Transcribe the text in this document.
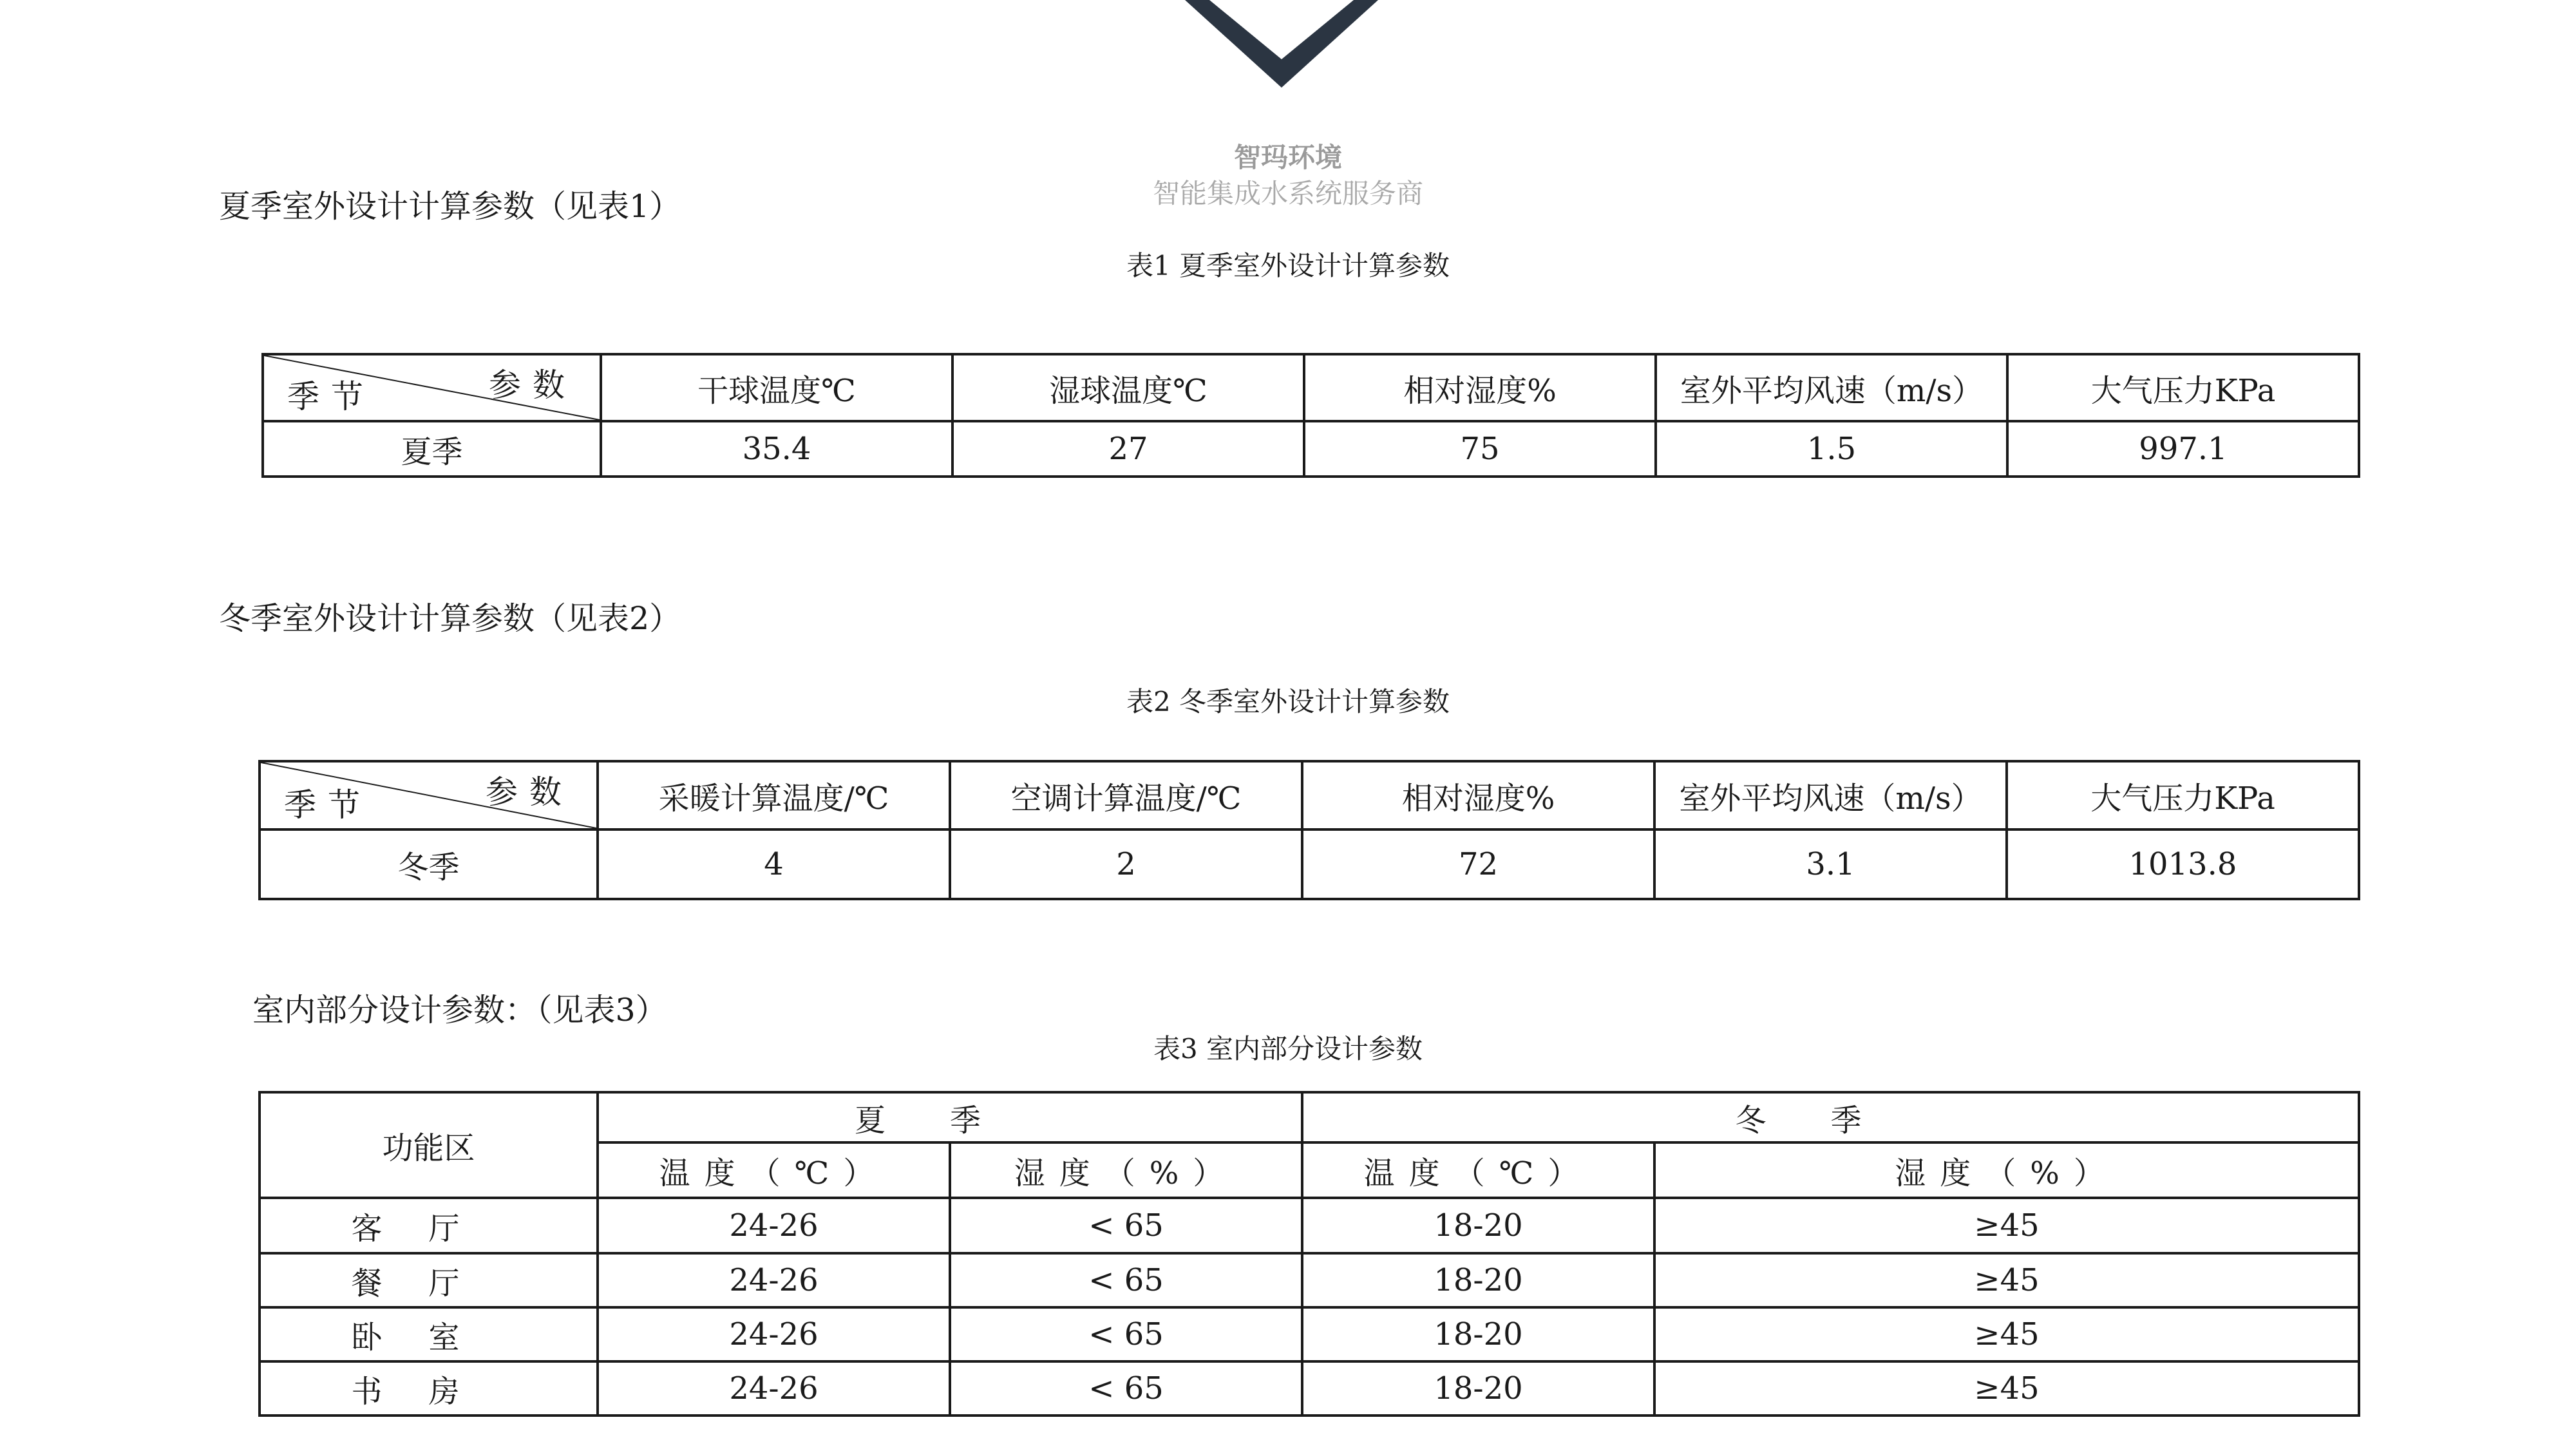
智玛环境
智能集成水系统服务商
夏季室外设计计算参数（见表1）
表1 夏季室外设计计算参数
参数
季节	干球温度℃	湿球温度℃	相对湿度%	室外平均风速（m/s）	大气压力KPa
夏季	35.4	27	75	1.5	997.1
冬季室外设计计算参数（见表2）
表2 冬季室外设计计算参数
参数
季节	采暖计算温度/℃	空调计算温度/℃	相对湿度%	室外平均风速（m/s）	大气压力KPa
冬季	4	2	72	3.1	1013.8
室内部分设计参数：（见表3）
表3 室内部分设计参数
功能区	夏季		冬季	
	温度（℃）	湿度（%）	温度（℃）	湿度（%）
客厅	24-26	< 65	18-20	≥45
餐厅	24-26	< 65	18-20	≥45
卧室	24-26	< 65	18-20	≥45
书房	24-26	< 65	18-20	≥45
